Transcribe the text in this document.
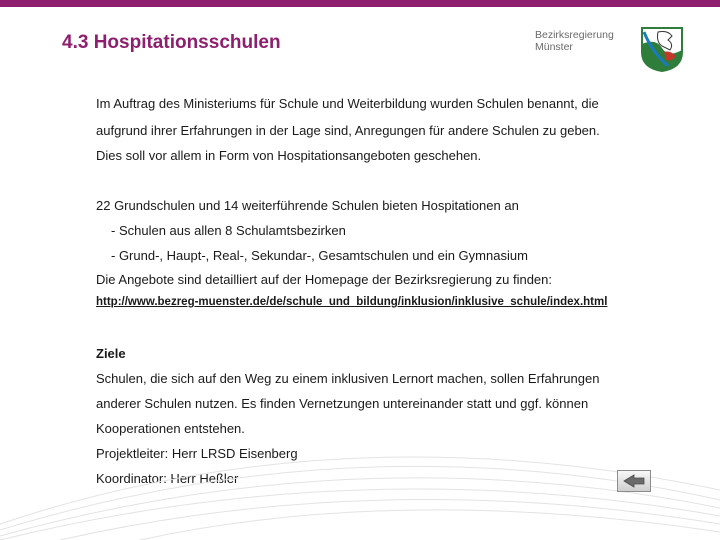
4.3 Hospitationsschulen	Bezirksregierung
Münster
Im Auftrag des Ministeriums für Schule und Weiterbildung wurden Schulen benannt, die
aufgrund ihrer Erfahrungen in der Lage sind, Anregungen für andere Schulen zu geben.
Dies soll vor allem in Form von Hospitationsangeboten geschehen.
22 Grundschulen und 14 weiterführende Schulen bieten Hospitationen an
- Schulen aus allen 8 Schulamtsbezirken
- Grund-, Haupt-, Real-, Sekundar-, Gesamtschulen und ein Gymnasium
Die Angebote sind detailliert auf der Homepage der Bezirksregierung zu finden:
http://www.bezreg-muenster.de/de/schule_und_bildung/inklusion/inklusive_schule/index.html
Ziele
Schulen, die sich auf den Weg zu einem inklusiven Lernort machen, sollen Erfahrungen
anderer Schulen nutzen. Es finden Vernetzungen untereinander statt und ggf. können
Kooperationen entstehen.
Projektleiter: Herr LRSD Eisenberg
Koordinator: Herr Heßler
